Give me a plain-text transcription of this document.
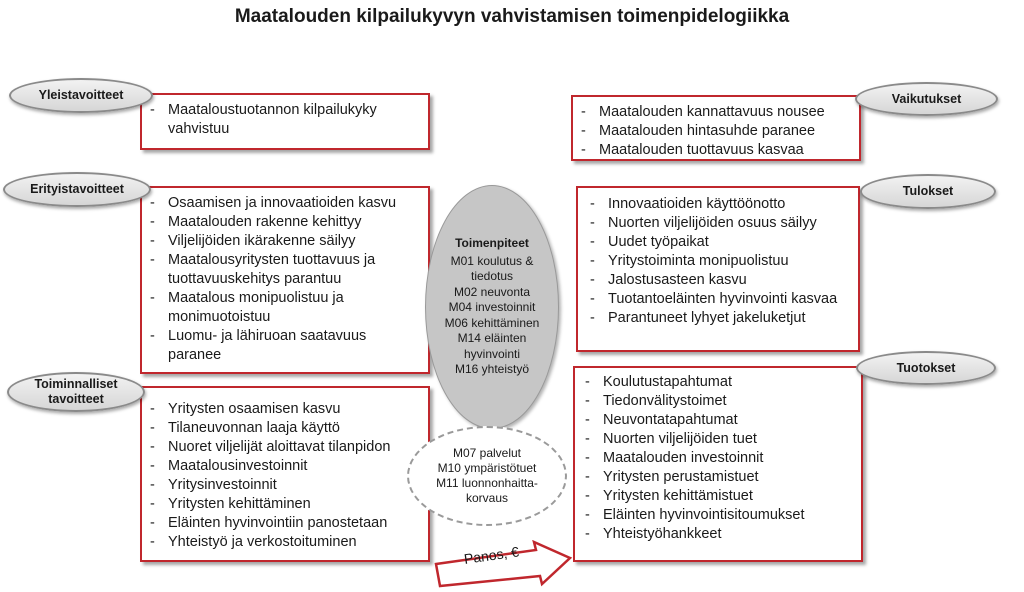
Maatalouden kilpailukyvyn vahvistamisen toimenpidelogiikka
- Maataloustuotannon kilpailukyky vahvistuu
Yleistavoitteet
- Osaamisen ja innovaatioiden kasvu
- Maatalouden rakenne kehittyy
- Viljelijöiden ikärakenne säilyy
- Maatalousyritysten tuottavuus ja tuottavuuskehitys parantuu
- Maatalous monipuolistuu ja monimuotoistuu
- Luomu- ja lähiruoan saatavuus paranee
Erityistavoitteet
- Yritysten osaamisen kasvu
- Tilaneuvonnan laaja käyttö
- Nuoret viljelijät aloittavat tilanpidon
- Maatalousinvestoinnit
- Yritysinvestoinnit
- Yritysten kehittäminen
- Eläinten hyvinvointiin panostetaan
- Yhteistyö ja verkostoituminen
Toiminnalliset
tavoitteet
- Maatalouden kannattavuus nousee
- Maatalouden hintasuhde paranee
- Maatalouden tuottavuus kasvaa
Vaikutukset
- Innovaatioiden käyttöönotto
- Nuorten viljelijöiden osuus säilyy
- Uudet työpaikat
- Yritystoiminta monipuolistuu
- Jalostusasteen kasvu
- Tuotantoeläinten hyvinvointi kasvaa
- Parantuneet lyhyet jakeluketjut
Tulokset
- Koulutustapahtumat
- Tiedonvälitystoimet
- Neuvontatapahtumat
- Nuorten viljelijöiden tuet
- Maatalouden investoinnit
- Yritysten perustamistuet
- Yritysten kehittämistuet
- Eläinten hyvinvointisitoumukset
- Yhteistyöhankkeet
Tuotokset
Toimenpiteet
M01 koulutus &
tiedotus
M02 neuvonta
M04 investoinnit
M06 kehittäminen
M14 eläinten
hyvinvointi
M16 yhteistyö
M07 palvelut
M10 ympäristötuet
M11 luonnonhaitta-
korvaus
Panos, €
